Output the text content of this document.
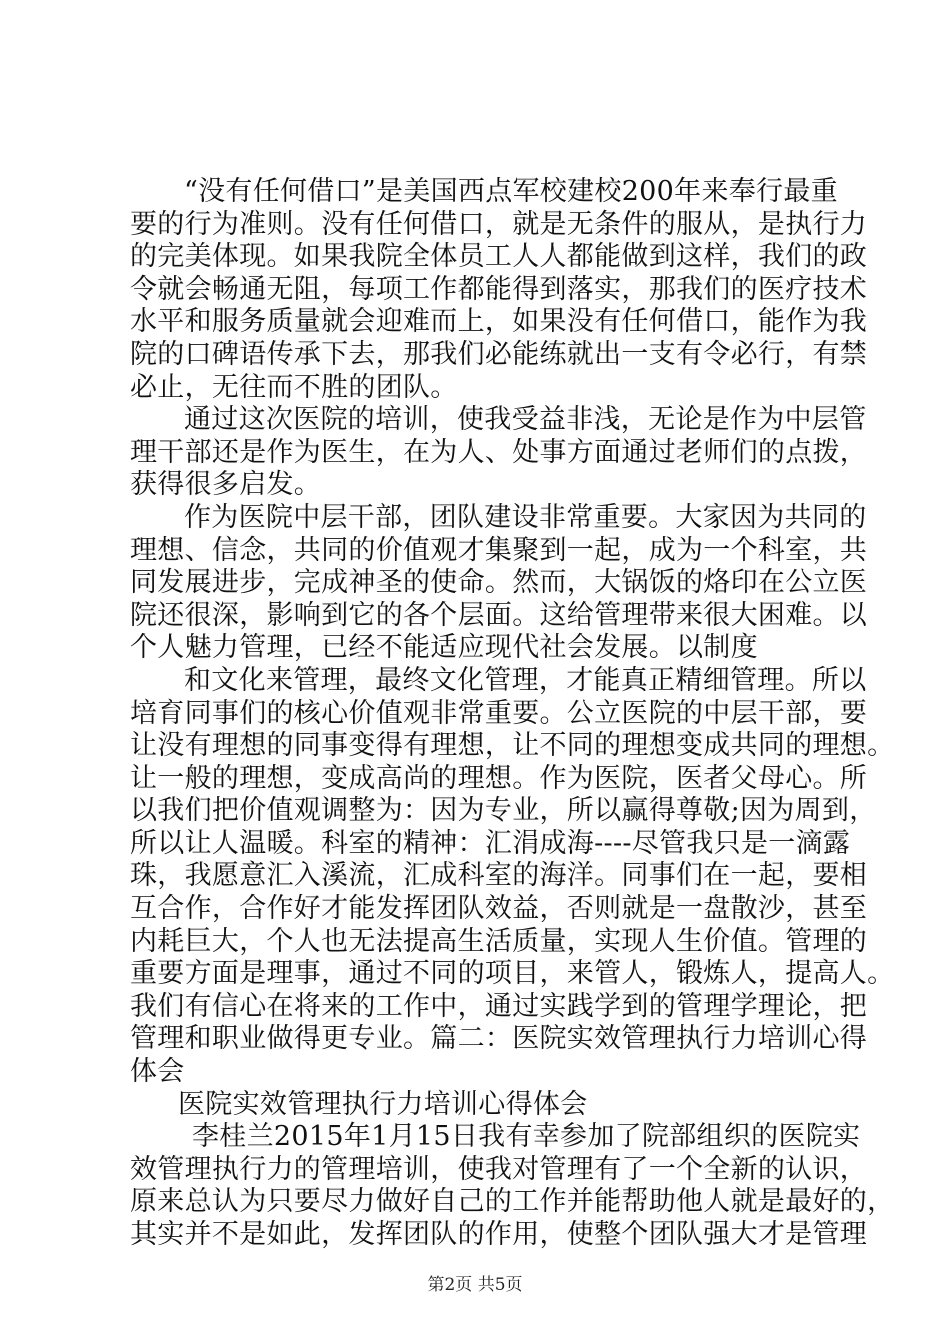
“没有任何借口”是美国西点军校建校200年来奉行最重
要的行为准则。没有任何借口，就是无条件的服从，是执行力
的完美体现。如果我院全体员工人人都能做到这样，我们的政
令就会畅通无阻，每项工作都能得到落实，那我们的医疗技术
水平和服务质量就会迎难而上，如果没有任何借口，能作为我
院的口碑语传承下去，那我们必能练就出一支有令必行，有禁
必止，无往而不胜的团队。
通过这次医院的培训，使我受益非浅，无论是作为中层管
理干部还是作为医生，在为人、处事方面通过老师们的点拨，
获得很多启发。
作为医院中层干部，团队建设非常重要。大家因为共同的
理想、信念，共同的价值观才集聚到一起，成为一个科室，共
同发展进步，完成神圣的使命。然而，大锅饭的烙印在公立医
院还很深，影响到它的各个层面。这给管理带来很大困难。以
个人魅力管理，已经不能适应现代社会发展。以制度
和文化来管理，最终文化管理，才能真正精细管理。所以
培育同事们的核心价值观非常重要。公立医院的中层干部，要
让没有理想的同事变得有理想，让不同的理想变成共同的理想。
让一般的理想，变成高尚的理想。作为医院，医者父母心。所
以我们把价值观调整为：因为专业，所以赢得尊敬;因为周到，
所以让人温暖。科室的精神：汇涓成海----尽管我只是一滴露
珠，我愿意汇入溪流，汇成科室的海洋。同事们在一起，要相
互合作，合作好才能发挥团队效益，否则就是一盘散沙，甚至
内耗巨大，个人也无法提高生活质量，实现人生价值。管理的
重要方面是理事，通过不同的项目，来管人，锻炼人，提高人。
我们有信心在将来的工作中，通过实践学到的管理学理论，把
管理和职业做得更专业。篇二：医院实效管理执行力培训心得
体会
医院实效管理执行力培训心得体会
李桂兰2015年1月15日我有幸参加了院部组织的医院实
效管理执行力的管理培训，使我对管理有了一个全新的认识，
原来总认为只要尽力做好自己的工作并能帮助他人就是最好的，
其实并不是如此，发挥团队的作用，使整个团队强大才是管理
第2页 共5页
